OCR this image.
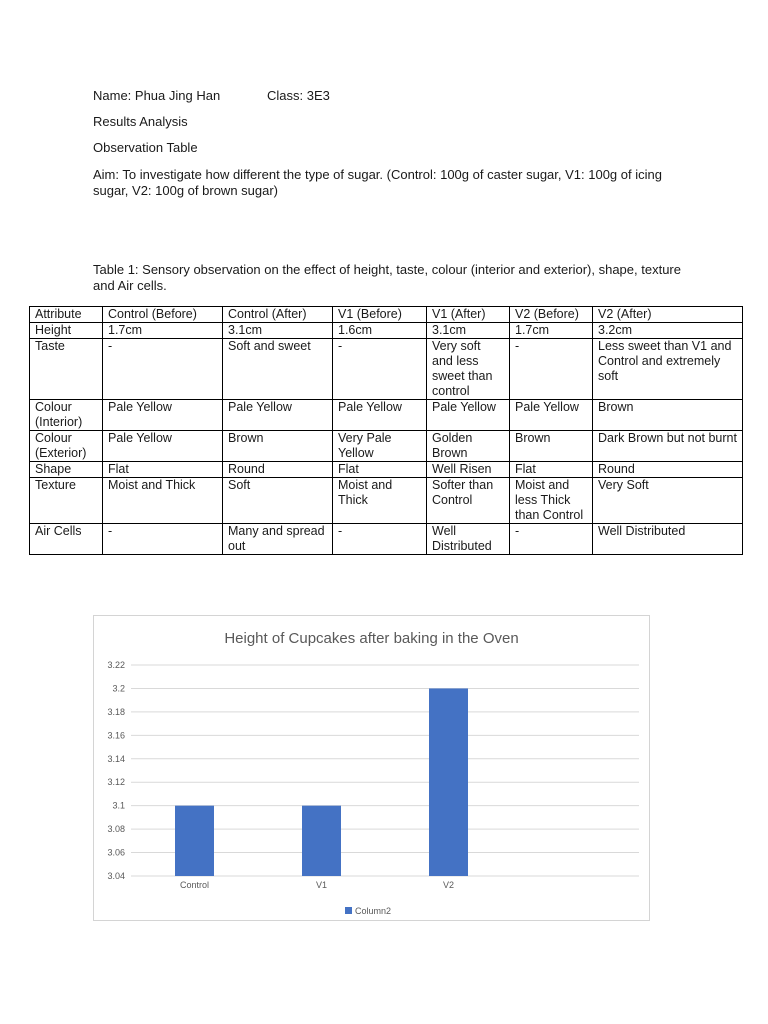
Name: Phua Jing Han	Class: 3E3
Results Analysis
Observation Table
Aim: To investigate how different the type of sugar. (Control: 100g of caster sugar, V1: 100g of icing sugar, V2: 100g of brown sugar)
Table 1: Sensory observation on the effect of height, taste, colour (interior and exterior), shape, texture and Air cells.
Attribute	Control (Before)	Control (After)	V1 (Before)	V1 (After)	V2 (Before)	V2 (After)
Height	1.7cm	3.1cm	1.6cm	3.1cm	1.7cm	3.2cm
Taste	-	Soft and sweet	-	Very soft and less sweet than control	-	Less sweet than V1 and Control and extremely soft
Colour (Interior)	Pale Yellow	Pale Yellow	Pale Yellow	Pale Yellow	Pale Yellow	Brown
Colour (Exterior)	Pale Yellow	Brown	Very Pale Yellow	Golden Brown	Brown	Dark Brown but not burnt
Shape	Flat	Round	Flat	Well Risen	Flat	Round
Texture	Moist and Thick	Soft	Moist and Thick	Softer than Control	Moist and less Thick than Control	Very Soft
Air Cells	-	Many and spread out	-	Well Distributed	-	Well Distributed
Height of Cupcakes after baking in the Oven
3.04
3.06
3.08
3.1
3.12
3.14
3.16
3.18
3.2
3.22
Control	V1	V2
Column2
